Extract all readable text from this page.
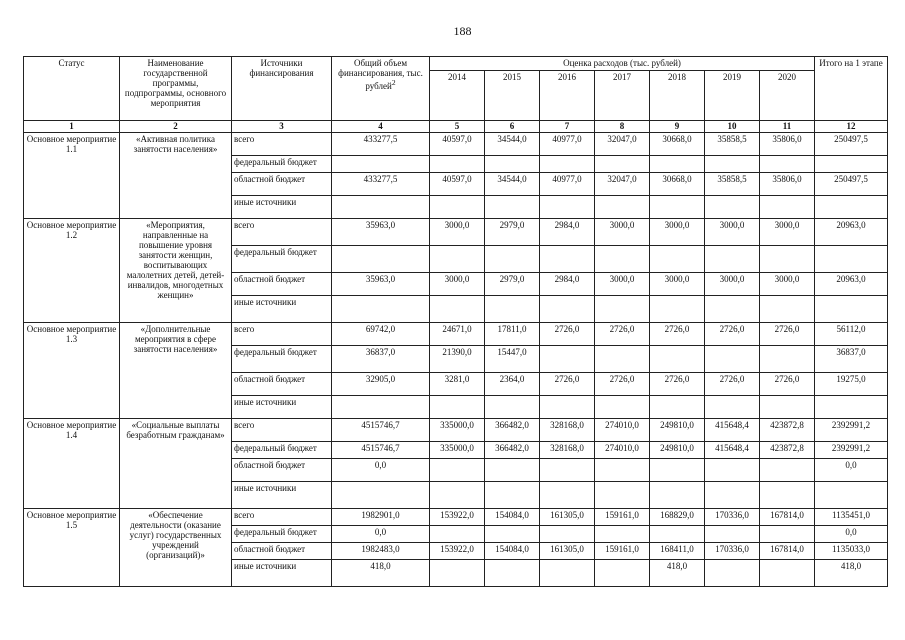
188
Статус	Наименование государственной программы, подпрограммы, основного мероприятия	Источники финансирования	Общий объем финансирования, тыс. рублей$^2$	Оценка расходов (тыс. рублей)							Итого на 1 этапе
				2014	2015	2016	2017	2018	2019	2020	
1	2	3	4	5	6	7	8	9	10	11	12
Основное мероприятие 1.1	«Активная политика занятости населения»	всего	433277,5	40597,0	34544,0	40977,0	32047,0	30668,0	35858,5	35806,0	250497,5
		федеральный бюджет									
		областной бюджет	433277,5	40597,0	34544,0	40977,0	32047,0	30668,0	35858,5	35806,0	250497,5
		иные источники									
Основное мероприятие 1.2	«Мероприятия, направленные на повышение уровня занятости женщин, воспитывающих малолетних детей, детей-инвалидов, многодетных женщин»	всего	35963,0	3000,0	2979,0	2984,0	3000,0	3000,0	3000,0	3000,0	20963,0
		федеральный бюджет									
		областной бюджет	35963,0	3000,0	2979,0	2984,0	3000,0	3000,0	3000,0	3000,0	20963,0
		иные источники									
Основное мероприятие 1.3	«Дополнительные мероприятия в сфере занятости населения»	всего	69742,0	24671,0	17811,0	2726,0	2726,0	2726,0	2726,0	2726,0	56112,0
		федеральный бюджет	36837,0	21390,0	15447,0						36837,0
		областной бюджет	32905,0	3281,0	2364,0	2726,0	2726,0	2726,0	2726,0	2726,0	19275,0
		иные источники									
Основное мероприятие 1.4	«Социальные выплаты безработным гражданам»	всего	4515746,7	335000,0	366482,0	328168,0	274010,0	249810,0	415648,4	423872,8	2392991,2
		федеральный бюджет	4515746,7	335000,0	366482,0	328168,0	274010,0	249810,0	415648,4	423872,8	2392991,2
		областной бюджет	0,0								0,0
		иные источники									
Основное мероприятие 1.5	«Обеспечение деятельности (оказание услуг) государственных учреждений (организаций)»	всего	1982901,0	153922,0	154084,0	161305,0	159161,0	168829,0	170336,0	167814,0	1135451,0
		федеральный бюджет	0,0								0,0
		областной бюджет	1982483,0	153922,0	154084,0	161305,0	159161,0	168411,0	170336,0	167814,0	1135033,0
		иные источники	418,0					418,0			418,0
